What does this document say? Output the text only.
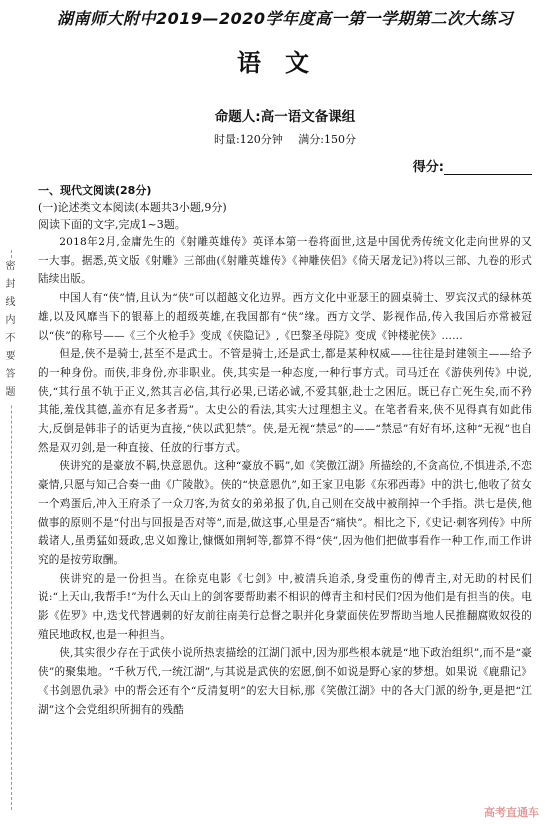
密封线内不要答题
湖南师大附中2019—2020学年度高一第一学期第二次大练习
语文

命题人:高一语文备课组

时量:120分钟 满分:150分

得分:

一、现代文阅读(28分)

(一)论述类文本阅读(本题共3小题,9分)

阅读下面的文字,完成1~3题。

2018年2月,金庸先生的《射雕英雄传》英译本第一卷将面世,这是中国优秀传统文化走向世界的又一大事。据悉,英文版《射雕》三部曲(《射雕英雄传》《神雕侠侣》《倚天屠龙记》)将以三部、九卷的形式陆续出版。

中国人有“侠”情,且认为“侠”可以超越文化边界。西方文化中亚瑟王的圆桌骑士、罗宾汉式的绿林英雄,以及风靡当下的银幕上的超级英雄,在我国都有“侠”缘。西方文学、影视作品,传入我国后亦常被冠以“侠”的称号——《三个火枪手》变成《侠隐记》,《巴黎圣母院》变成《钟楼驼侠》……

但是,侠不是骑士,甚至不是武士。不管是骑士,还是武士,都是某种权威——往往是封建领主——给予的一种身份。而侠,非身份,亦非职业。侠,其实是一种态度,一种行事方式。司马迁在《游侠列传》中说,侠,“其行虽不轨于正义,然其言必信,其行必果,已诺必诚,不爱其躯,赴士之困厄。既已存亡死生矣,而不矜其能,羞伐其德,盖亦有足多者焉”。太史公的看法,其实大过理想主义。在笔者看来,侠不见得真有如此伟大,反倒是韩非子的话更为直接,“侠以武犯禁”。侠,是无视“禁忌”的——“禁忌”有好有坏,这种“无视”也自然是双刃剑,是一种直接、任放的行事方式。

侠讲究的是豪放不羁,快意恩仇。这种“豪放不羁”,如《笑傲江湖》所描绘的,不贪高位,不惧进杀,不恋豪情,只愿与知己合奏一曲《广陵散》。侠的“快意恩仇”,如王家卫电影《东邪西毒》中的洪七,他收了贫女一个鸡蛋后,冲入王府杀了一众刀客,为贫女的弟弟报了仇,自己则在交战中被削掉一个手指。洪七是侠,他做事的原则不是“付出与回报是否对等”,而是,做这事,心里是否“痛快”。相比之下,《史记·刺客列传》中所载诸人,虽勇猛如聂政,忠义如豫让,慷慨如荆轲等,都算不得“侠”,因为他们把做事看作一种工作,而工作讲究的是按劳取酬。

侠讲究的是一份担当。在徐克电影《七剑》中,被清兵追杀,身受重伤的傅青主,对无助的村民们说:“上天山,我帮手!”为什么天山上的剑客要帮助素不相识的傅青主和村民们?因为他们是有担当的侠。电影《佐罗》中,迭戈代替遇刺的好友前往南美行总督之职并化身蒙面侠佐罗帮助当地人民推翻腐败奴役的殖民地政权,也是一种担当。

侠,其实很少存在于武侠小说所热衷描绘的江湖门派中,因为那些根本就是“地下政治组织”,而不是“豪侠”的聚集地。“千秋万代,一统江湖”,与其说是武侠的宏愿,倒不如说是野心家的梦想。如果说《鹿鼎记》《书剑恩仇录》中的帮会还有个“反清复明”的宏大目标,那《笑傲江湖》中的各大门派的纷争,更是把“江湖”这个会党组织所拥有的残酷

高考直通车
